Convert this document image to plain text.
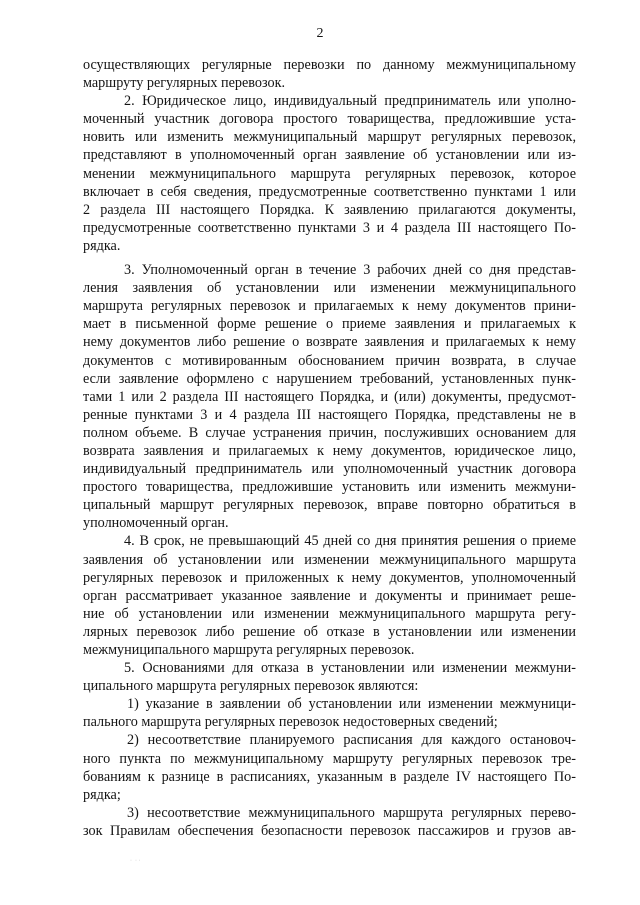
2
осуществляющих регулярные перевозки по данному межмуниципальному
маршруту регулярных перевозок.
2. Юридическое лицо, индивидуальный предприниматель или уполно-
моченный участник договора простого товарищества, предложившие уста-
новить или изменить межмуниципальный маршрут регулярных перевозок,
представляют в уполномоченный орган заявление об установлении или из-
менении межмуниципального маршрута регулярных перевозок, которое
включает в себя сведения, предусмотренные соответственно пунктами 1 или
2 раздела III настоящего Порядка. К заявлению прилагаются документы,
предусмотренные соответственно пунктами 3 и 4 раздела III настоящего По-
рядка.
3. Уполномоченный орган в течение 3 рабочих дней со дня представ-
ления заявления об установлении или изменении межмуниципального
маршрута регулярных перевозок и прилагаемых к нему документов прини-
мает в письменной форме решение о приеме заявления и прилагаемых к
нему документов либо решение о возврате заявления и прилагаемых к нему
документов с мотивированным обоснованием причин возврата, в случае
если заявление оформлено с нарушением требований, установленных пунк-
тами 1 или 2 раздела III настоящего Порядка, и (или) документы, предусмот-
ренные пунктами 3 и 4 раздела III настоящего Порядка, представлены не в
полном объеме. В случае устранения причин, послуживших основанием для
возврата заявления и прилагаемых к нему документов, юридическое лицо,
индивидуальный предприниматель или уполномоченный участник договора
простого товарищества, предложившие установить или изменить межмуни-
ципальный маршрут регулярных перевозок, вправе повторно обратиться в
уполномоченный орган.
4. В срок, не превышающий 45 дней со дня принятия решения о приеме
заявления об установлении или изменении межмуниципального маршрута
регулярных перевозок и приложенных к нему документов, уполномоченный
орган рассматривает указанное заявление и документы и принимает реше-
ние об установлении или изменении межмуниципального маршрута регу-
лярных перевозок либо решение об отказе в установлении или изменении
межмуниципального маршрута регулярных перевозок.
5. Основаниями для отказа в установлении или изменении межмуни-
ципального маршрута регулярных перевозок являются:
1) указание в заявлении об установлении или изменении межмуници-
пального маршрута регулярных перевозок недостоверных сведений;
2) несоответствие планируемого расписания для каждого остановоч-
ного пункта по межмуниципальному маршруту регулярных перевозок тре-
бованиям к разнице в расписаниях, указанным в разделе IV настоящего По-
рядка;
3) несоответствие межмуниципального маршрута регулярных перево-
зок Правилам обеспечения безопасности перевозок пассажиров и грузов ав-
·  · ·
